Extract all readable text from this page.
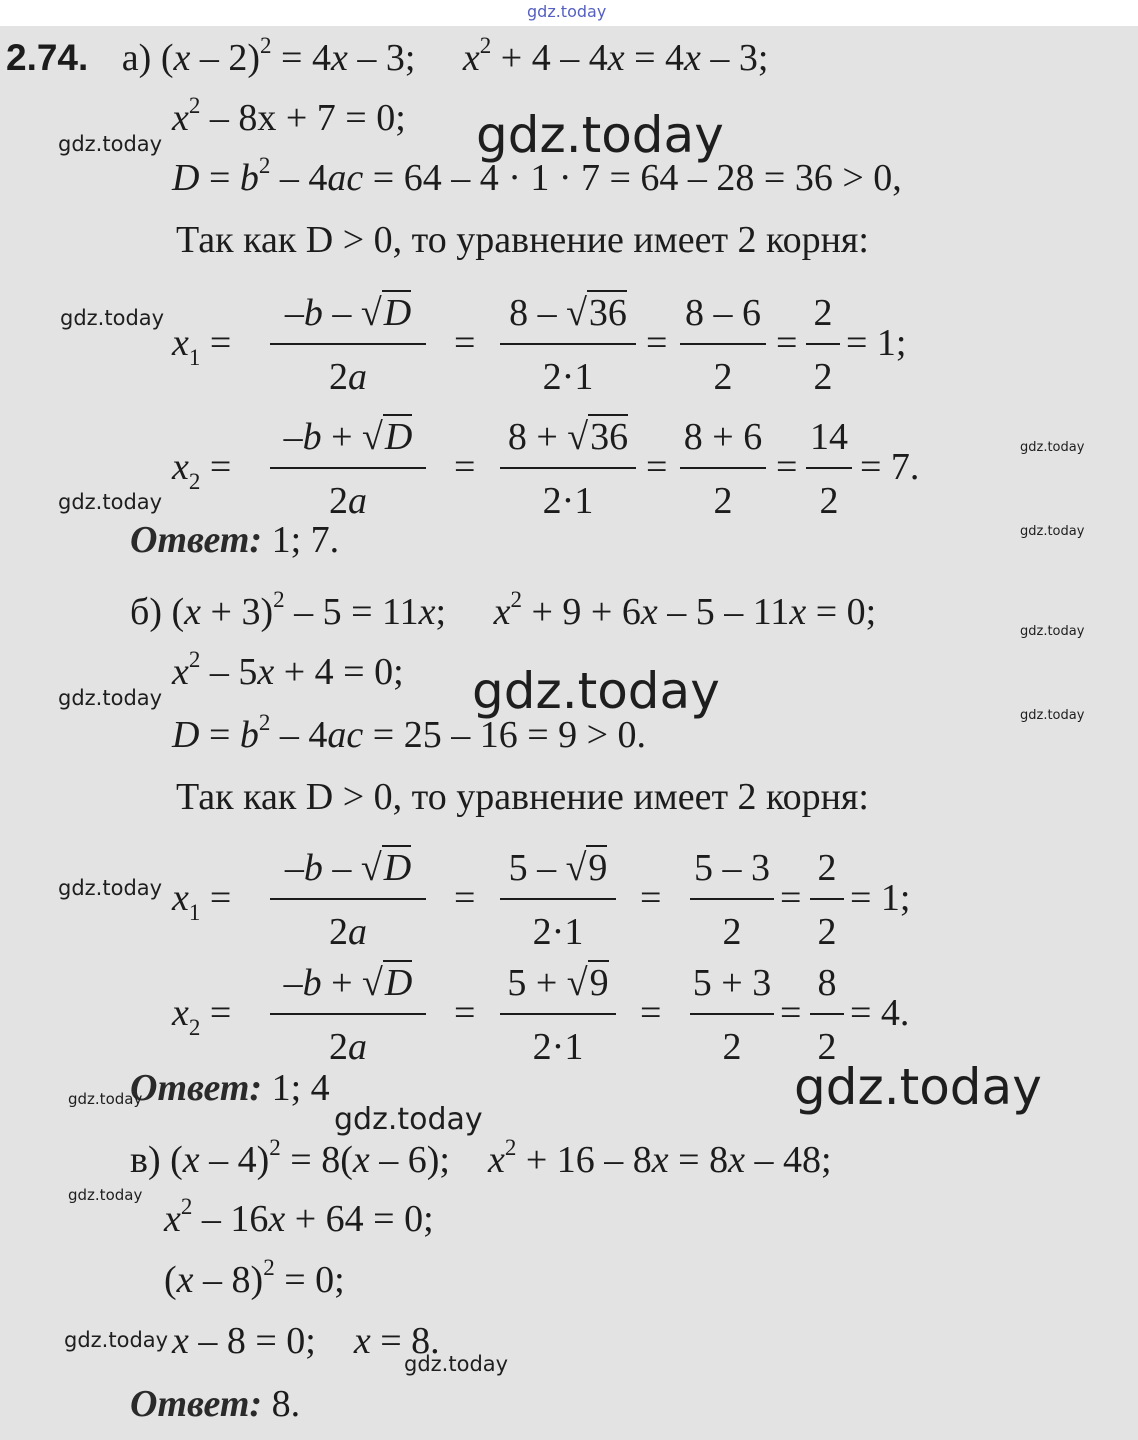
gdz.today
2.74. а) (x – 2)$^2$ = 4x – 3;     $x^2 + 4 - 4x = 4x - 3$;
$x^2 - 8x + 7 = 0$;
$D = b^2 - 4ac = 64 - 4 \cdot 1 \cdot 7 = 64 - 28 = 36 > 0$,
Так как D > 0, то уравнение имеет 2 корня:
$x_1$ =
–b – √D
2a
=
8 – √36
2·1
=
8 – 6
2
=
2
2
= 1;
$x_2$ =
–b + √D
2a
=
8 + √36
2·1
=
8 + 6
2
=
14
2
= 7.
Ответ: 1; 7.
б) $(x + 3)^2 - 5 = 11x$;     $x^2 + 9 + 6x - 5 - 11x = 0$;
$x^2 - 5x + 4 = 0$;
$D = b^2 - 4ac = 25 - 16 = 9 > 0$.
Так как D > 0, то уравнение имеет 2 корня:
$x_1$ =
–b – √D
2a
=
5 – √9
2·1
=
5 – 3
2
=
2
2
= 1;
$x_2$ =
–b + √D
2a
=
5 + √9
2·1
=
5 + 3
2
=
8
2
= 4.
Ответ: 1; 4
в) (x – 4)$^2$ = 8(x – 6);    $x^2 + 16 - 8x = 8x - 48$;
$x^2 - 16x + 64 = 0$;
(x – 8)$^2$ = 0;
x – 8 = 0;    x = 8.
Ответ: 8.
gdz.today	gdz.today
gdz.today
gdz.today
gdz.today
gdz.today
gdz.today
gdz.today
gdz.today
gdz.today
gdz.today
gdz.today
gdz.today
gdz.today
gdz.today
gdz.today
gdz.today
